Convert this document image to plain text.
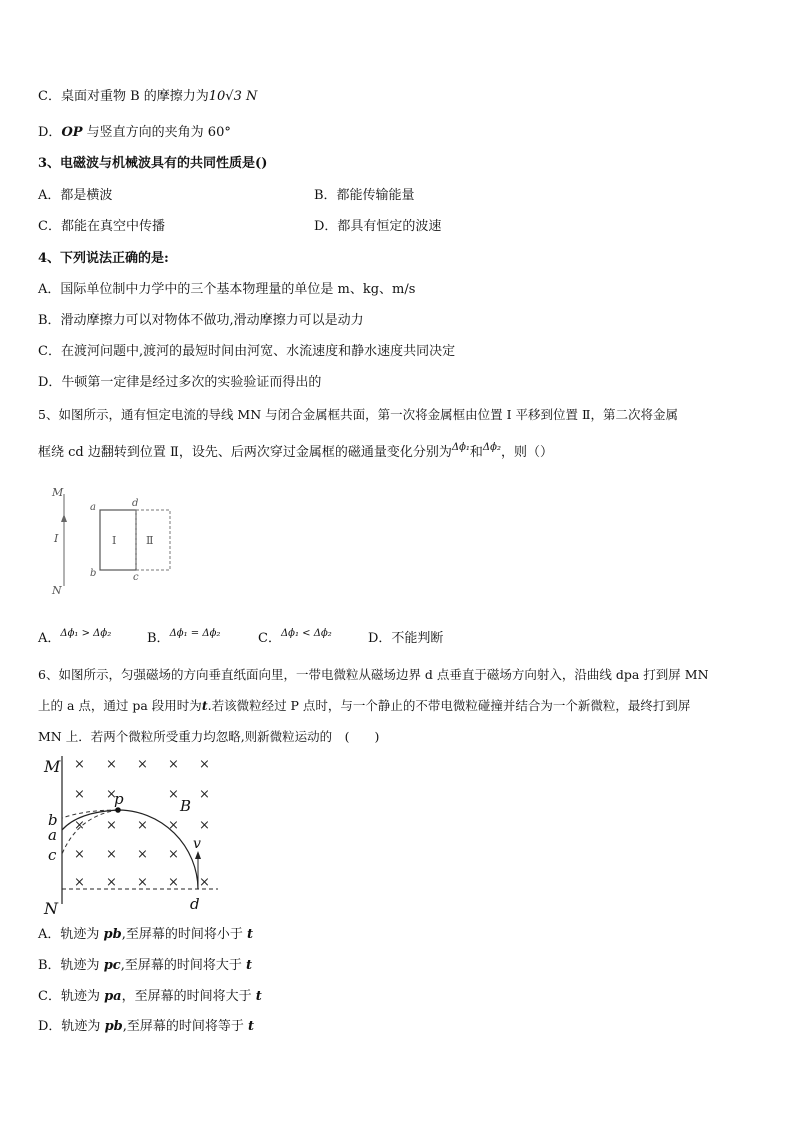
C．桌面对重物 B 的摩擦力为10√3 N
D．OP 与竖直方向的夹角为 60°
3、电磁波与机械波具有的共同性质是()
A．都是横波	B．都能传输能量
C．都能在真空中传播	D．都具有恒定的波速
4、下列说法正确的是:
A．国际单位制中力学中的三个基本物理量的单位是 m、kg、m/s
B．滑动摩擦力可以对物体不做功,滑动摩擦力可以是动力
C．在渡河问题中,渡河的最短时间由河宽、水流速度和静水速度共同决定
D．牛顿第一定律是经过多次的实验验证而得出的
5、如图所示，通有恒定电流的导线 MN 与闭合金属框共面，第一次将金属框由位置 Ⅰ 平移到位置 Ⅱ，第二次将金属
框绕 cd 边翻转到位置 Ⅱ，设先、后两次穿过金属框的磁通量变化分别为$^{\Delta\phi_1}$和$^{\Delta\phi_2}$，则（）
M
I
N
a	d
b	c
Ⅰ	Ⅱ
A．$^{\Delta\phi_1 > \Delta\phi_2}$	B．$^{\Delta\phi_1 = \Delta\phi_2}$	C．$^{\Delta\phi_1 < \Delta\phi_2}$	D．不能判断
6、如图所示，匀强磁场的方向垂直纸面向里，一带电微粒从磁场边界 d 点垂直于磁场方向射入，沿曲线 dpa 打到屏 MN
上的 a 点，通过 pa 段用时为t.若该微粒经过 P 点时，与一个静止的不带电微粒碰撞并结合为一个新微粒，最终打到屏
MN 上．若两个微粒所受重力均忽略,则新微粒运动的　(　　)
× × × × ×
× ×	× ×
× × × × ×
× × × ×
× × × × ×
M
b
a
c
N
p	B
v
d
A．轨迹为 pb,至屏幕的时间将小于 t
B．轨迹为 pc,至屏幕的时间将大于 t
C．轨迹为 pa，至屏幕的时间将大于 t
D．轨迹为 pb,至屏幕的时间将等于 t
